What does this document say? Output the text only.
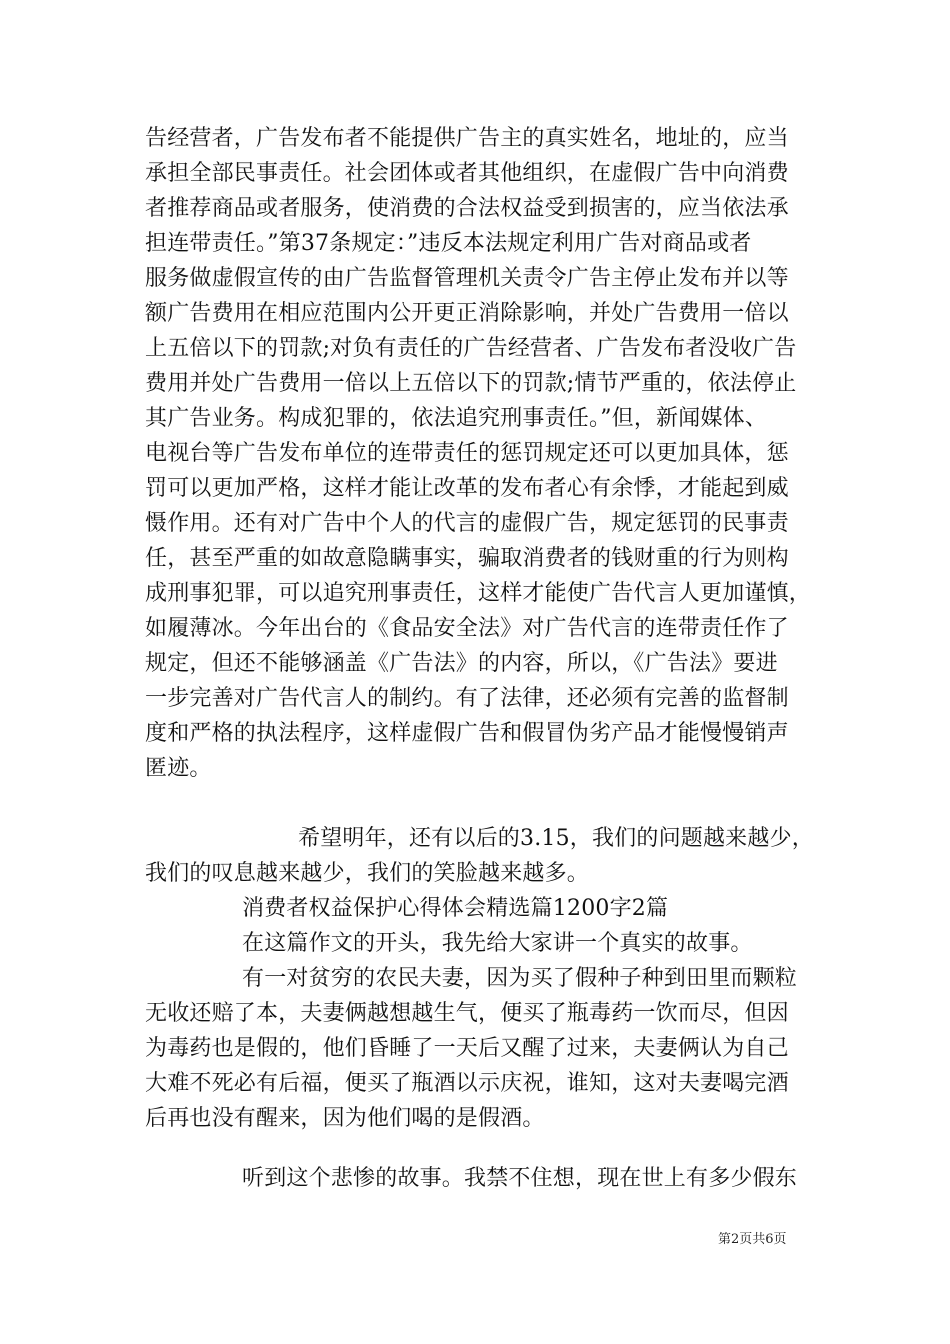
告经营者，广告发布者不能提供广告主的真实姓名，地址的，应当
承担全部民事责任。社会团体或者其他组织，在虚假广告中向消费
者推荐商品或者服务，使消费的合法权益受到损害的，应当依法承
担连带责任。”第37条规定：”违反本法规定利用广告对商品或者
服务做虚假宣传的由广告监督管理机关责令广告主停止发布并以等
额广告费用在相应范围内公开更正消除影响，并处广告费用一倍以
上五倍以下的罚款;对负有责任的广告经营者、广告发布者没收广告
费用并处广告费用一倍以上五倍以下的罚款;情节严重的，依法停止
其广告业务。构成犯罪的，依法追究刑事责任。”但，新闻媒体、
电视台等广告发布单位的连带责任的惩罚规定还可以更加具体，惩
罚可以更加严格，这样才能让改革的发布者心有余悸，才能起到威
慑作用。还有对广告中个人的代言的虚假广告，规定惩罚的民事责
任，甚至严重的如故意隐瞒事实，骗取消费者的钱财重的行为则构
成刑事犯罪，可以追究刑事责任，这样才能使广告代言人更加谨慎，
如履薄冰。今年出台的《食品安全法》对广告代言的连带责任作了
规定，但还不能够涵盖《广告法》的内容，所以，《广告法》要进
一步完善对广告代言人的制约。有了法律，还必须有完善的监督制
度和严格的执法程序，这样虚假广告和假冒伪劣产品才能慢慢销声
匿迹。
希望明年，还有以后的3.15，我们的问题越来越少，
我们的叹息越来越少，我们的笑脸越来越多。
消费者权益保护心得体会精选篇1200字2篇
在这篇作文的开头，我先给大家讲一个真实的故事。
有一对贫穷的农民夫妻，因为买了假种子种到田里而颗粒
无收还赔了本，夫妻俩越想越生气，便买了瓶毒药一饮而尽，但因
为毒药也是假的，他们昏睡了一天后又醒了过来，夫妻俩认为自己
大难不死必有后福，便买了瓶酒以示庆祝，谁知，这对夫妻喝完酒
后再也没有醒来，因为他们喝的是假酒。
听到这个悲惨的故事。我禁不住想，现在世上有多少假东
第2页共6页
